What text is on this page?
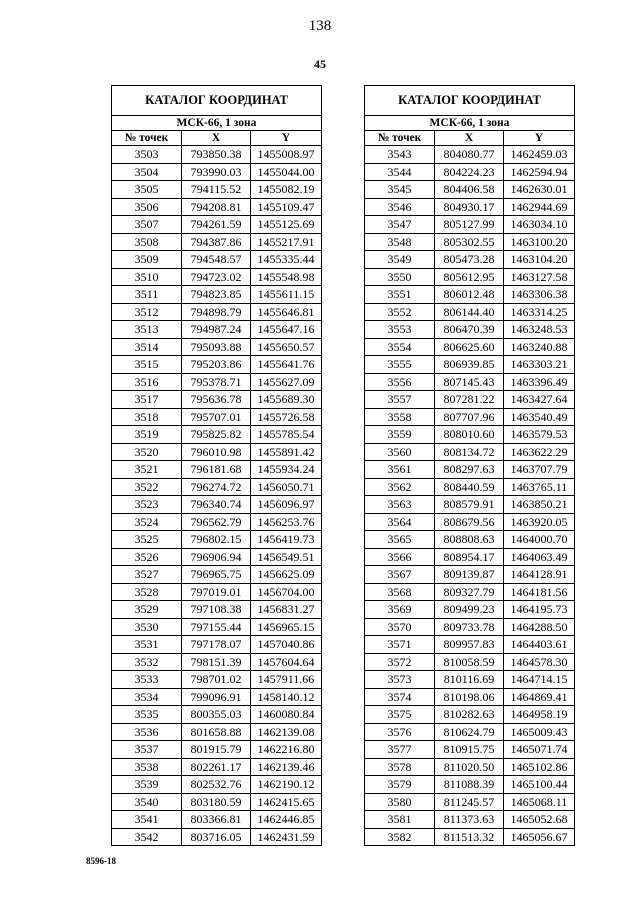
138
45
КАТАЛОГ КООРДИНАТ		
МСК-66, 1 зона		
№ точек	X	Y
3503	793850.38	1455008.97
3504	793990.03	1455044.00
3505	794115.52	1455082.19
3506	794208.81	1455109.47
3507	794261.59	1455125.69
3508	794387.86	1455217.91
3509	794548.57	1455335.44
3510	794723.02	1455548.98
3511	794823.85	1455611.15
3512	794898.79	1455646.81
3513	794987.24	1455647.16
3514	795093.88	1455650.57
3515	795203.86	1455641.76
3516	795378.71	1455627.09
3517	795636.78	1455689.30
3518	795707.01	1455726.58
3519	795825.82	1455785.54
3520	796010.98	1455891.42
3521	796181.68	1455934.24
3522	796274.72	1456050.71
3523	796340.74	1456096.97
3524	796562.79	1456253.76
3525	796802.15	1456419.73
3526	796906.94	1456549.51
3527	796965.75	1456625.09
3528	797019.01	1456704.00
3529	797108.38	1456831.27
3530	797155.44	1456965.15
3531	797178.07	1457040.86
3532	798151.39	1457604.64
3533	798701.02	1457911.66
3534	799096.91	1458140.12
3535	800355.03	1460080.84
3536	801658.88	1462139.08
3537	801915.79	1462216.80
3538	802261.17	1462139.46
3539	802532.76	1462190.12
3540	803180.59	1462415.65
3541	803366.81	1462446.85
3542	803716.05	1462431.59
КАТАЛОГ КООРДИНАТ		
МСК-66, 1 зона		
№ точек	X	Y
3543	804080.77	1462459.03
3544	804224.23	1462594.94
3545	804406.58	1462630.01
3546	804930.17	1462944.69
3547	805127.99	1463034.10
3548	805302.55	1463100.20
3549	805473.28	1463104.20
3550	805612.95	1463127.58
3551	806012.48	1463306.38
3552	806144.40	1463314.25
3553	806470.39	1463248.53
3554	806625.60	1463240.88
3555	806939.85	1463303.21
3556	807145.43	1463396.49
3557	807281.22	1463427.64
3558	807707.96	1463540.49
3559	808010.60	1463579.53
3560	808134.72	1463622.29
3561	808297.63	1463707.79
3562	808440.59	1463765.11
3563	808579.91	1463850.21
3564	808679.56	1463920.05
3565	808808.63	1464000.70
3566	808954.17	1464063.49
3567	809139.87	1464128.91
3568	809327.79	1464181.56
3569	809499.23	1464195.73
3570	809733.78	1464288.50
3571	809957.83	1464403.61
3572	810058.59	1464578.30
3573	810116.69	1464714.15
3574	810198.06	1464869.41
3575	810282.63	1464958.19
3576	810624.79	1465009.43
3577	810915.75	1465071.74
3578	811020.50	1465102.86
3579	811088.39	1465100.44
3580	811245.57	1465068.11
3581	811373.63	1465052.68
3582	811513.32	1465056.67
8596-18
